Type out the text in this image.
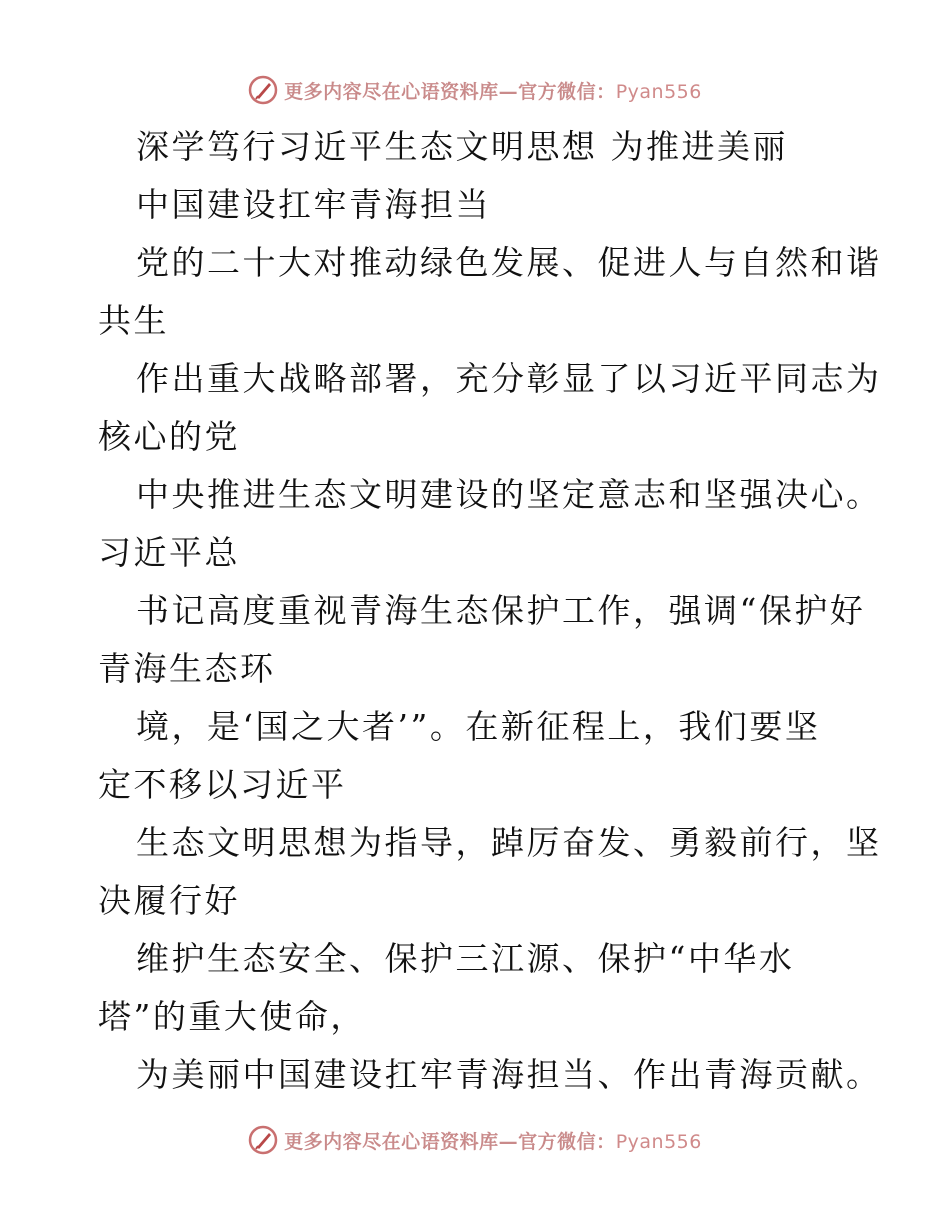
更多内容尽在心语资料库—官方微信：Pyan556
深学笃行习近平生态文明思想 为推进美丽
中国建设扛牢青海担当
党的二十大对推动绿色发展、促进人与自然和谐
共生
作出重大战略部署，充分彰显了以习近平同志为
核心的党
中央推进生态文明建设的坚定意志和坚强决心。
习近平总
书记高度重视青海生态保护工作，强调“保护好
青海生态环
境，是‘国之大者’”。在新征程上，我们要坚
定不移以习近平
生态文明思想为指导，踔厉奋发、勇毅前行，坚
决履行好
维护生态安全、保护三江源、保护“中华水
塔”的重大使命，
为美丽中国建设扛牢青海担当、作出青海贡献。
更多内容尽在心语资料库—官方微信：Pyan556
